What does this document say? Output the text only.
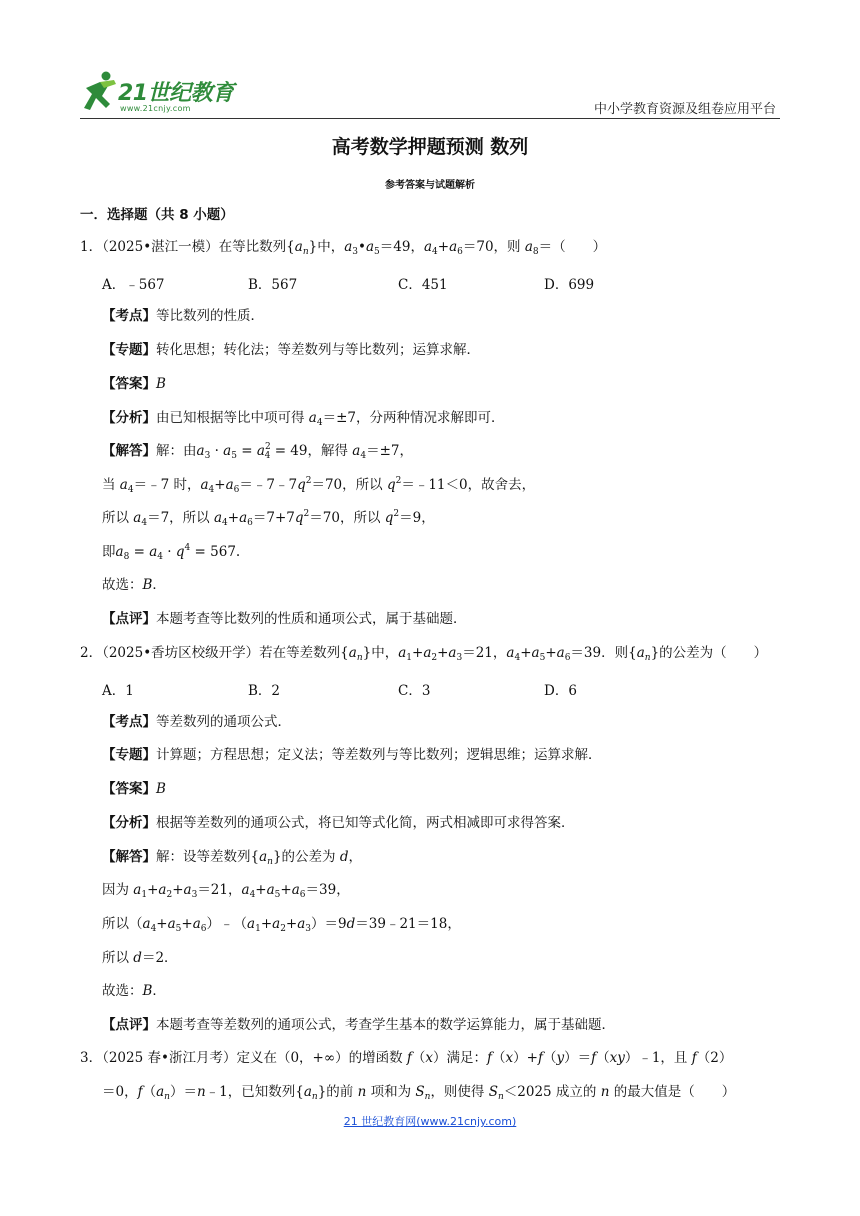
21世纪教育
www.21cnjy.com	中小学教育资源及组卷应用平台
高考数学押题预测 数列
参考答案与试题解析
一．选择题（共 8 小题）
1．（2025•湛江一模）在等比数列$\{a_n\}$中，$a_3•a_5=49$，$a_4+a_6=70$，则 $a_8=$（　　）
A．﹣567	B．567	C．451	D．699
【考点】等比数列的性质．
【专题】转化思想；转化法；等差数列与等比数列；运算求解．
【答案】B
【分析】由已知根据等比中项可得 $a_4=\pm 7$，分两种情况求解即可．
【解答】解：由$a_3 \cdot a_5 = a^2_4 = 49$，解得 $a_4=\pm 7$，
当 $a_4=﹣7$ 时，$a_4+a_6=﹣7﹣7q^2=70$，所以 $q^2=﹣11<0$，故舍去，
所以 $a_4=7$，所以 $a_4+a_6=7+7q^2=70$，所以 $q^2=9$，
即$a_8 = a_4 \cdot q^4 = 567$.
故选：B．
【点评】本题考查等比数列的性质和通项公式，属于基础题．
2．（2025•香坊区校级开学）若在等差数列$\{a_n\}$中，$a_1+a_2+a_3=21$，$a_4+a_5+a_6=39$．则$\{a_n\}$的公差为（　　）
A．1	B．2	C．3	D．6
【考点】等差数列的通项公式．
【专题】计算题；方程思想；定义法；等差数列与等比数列；逻辑思维；运算求解．
【答案】B
【分析】根据等差数列的通项公式，将已知等式化简，两式相减即可求得答案．
【解答】解：设等差数列$\{a_n\}$的公差为 d，
因为 $a_1+a_2+a_3=21$，$a_4+a_5+a_6=39$，
所以$(a_4+a_5+a_6)﹣(a_1+a_2+a_3)=9d=39﹣21=18$，
所以 d＝2．
故选：B．
【点评】本题考查等差数列的通项公式，考查学生基本的数学运算能力，属于基础题．
3．（2025 春•浙江月考）定义在（0，+∞）的增函数 f（x）满足：f（x）+f（y）＝f（xy）﹣1，且 f（2）
＝0，$f(a_n)=n﹣1$，已知数列$\{a_n\}$的前 n 项和为 $S_n$，则使得 $S_n<2025$ 成立的 n 的最大值是（　　）
21 世纪教育网(www.21cnjy.com)
